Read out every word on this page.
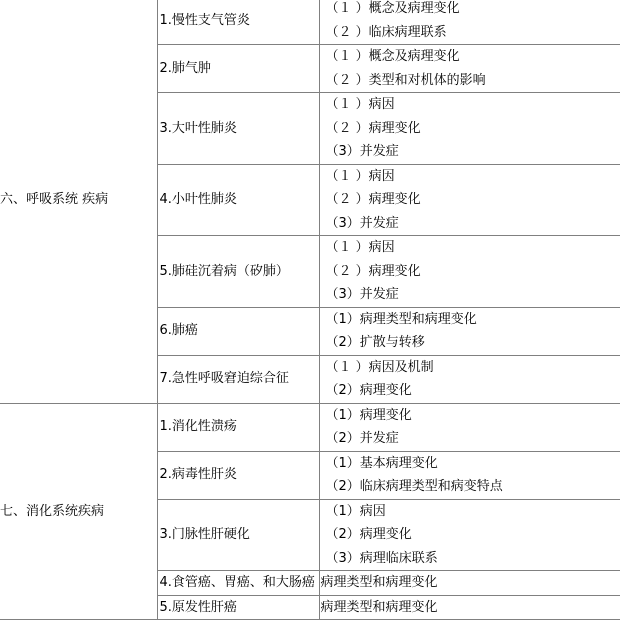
六、呼吸系统 疾病	1.慢性支气管炎	（１ ）概念及病理变化
（２ ）临床病理联系

	2.肺气肿	（１ ）概念及病理变化
（２ ）类型和对机体的影响

	3.大叶性肺炎	（１ ）病因
（２ ）病理变化
（3）并发症

	4.小叶性肺炎	（１ ）病因
（２ ）病理变化
（3）并发症

	5.肺硅沉着病（矽肺）	（１ ）病因
（２ ）病理变化
（3）并发症

	6.肺癌	（1）病理类型和病理变化
（2）扩散与转移

	7.急性呼吸窘迫综合征	（１ ）病因及机制
（2）病理变化

七、消化系统疾病	1.消化性溃疡	（1）病理变化
（2）并发症

	2.病毒性肝炎	（1）基本病理变化
（2）临床病理类型和病变特点

	3.门脉性肝硬化	（1）病因
（2）病理变化
（3）病理临床联系

	4.食管癌、胃癌、和大肠癌	病理类型和病理变化

	5.原发性肝癌	病理类型和病理变化
